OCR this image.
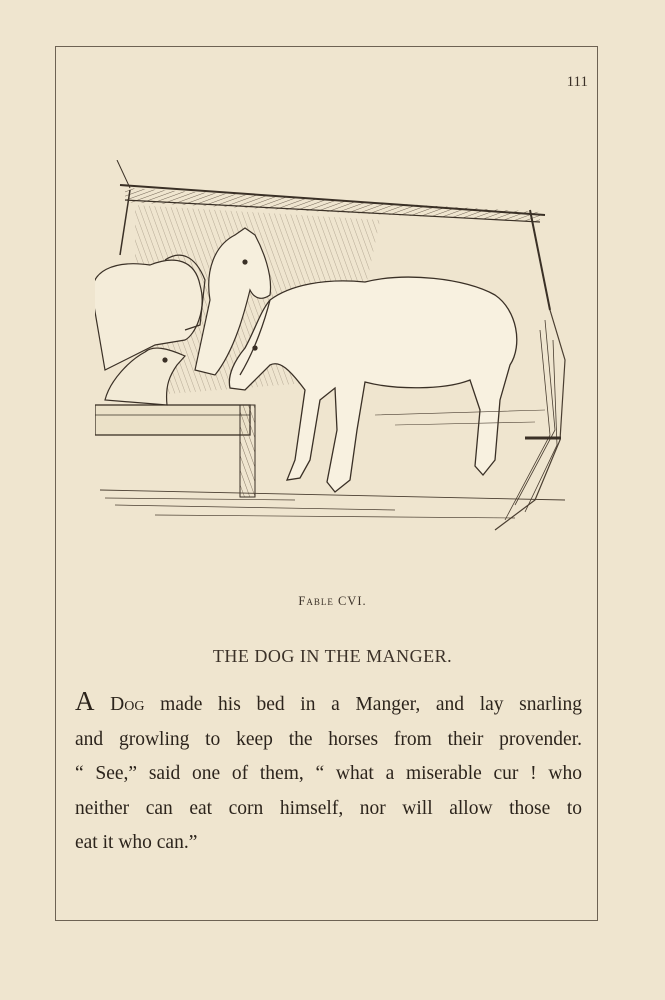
111
Fable CVI.
THE DOG IN THE MANGER.
A Dog made his bed in a Manger, and lay snarling
and growling to keep the horses from their provender.
“ See,” said one of them, “ what a miserable cur ! who
neither can eat corn himself, nor will allow those to
eat it who can.”
